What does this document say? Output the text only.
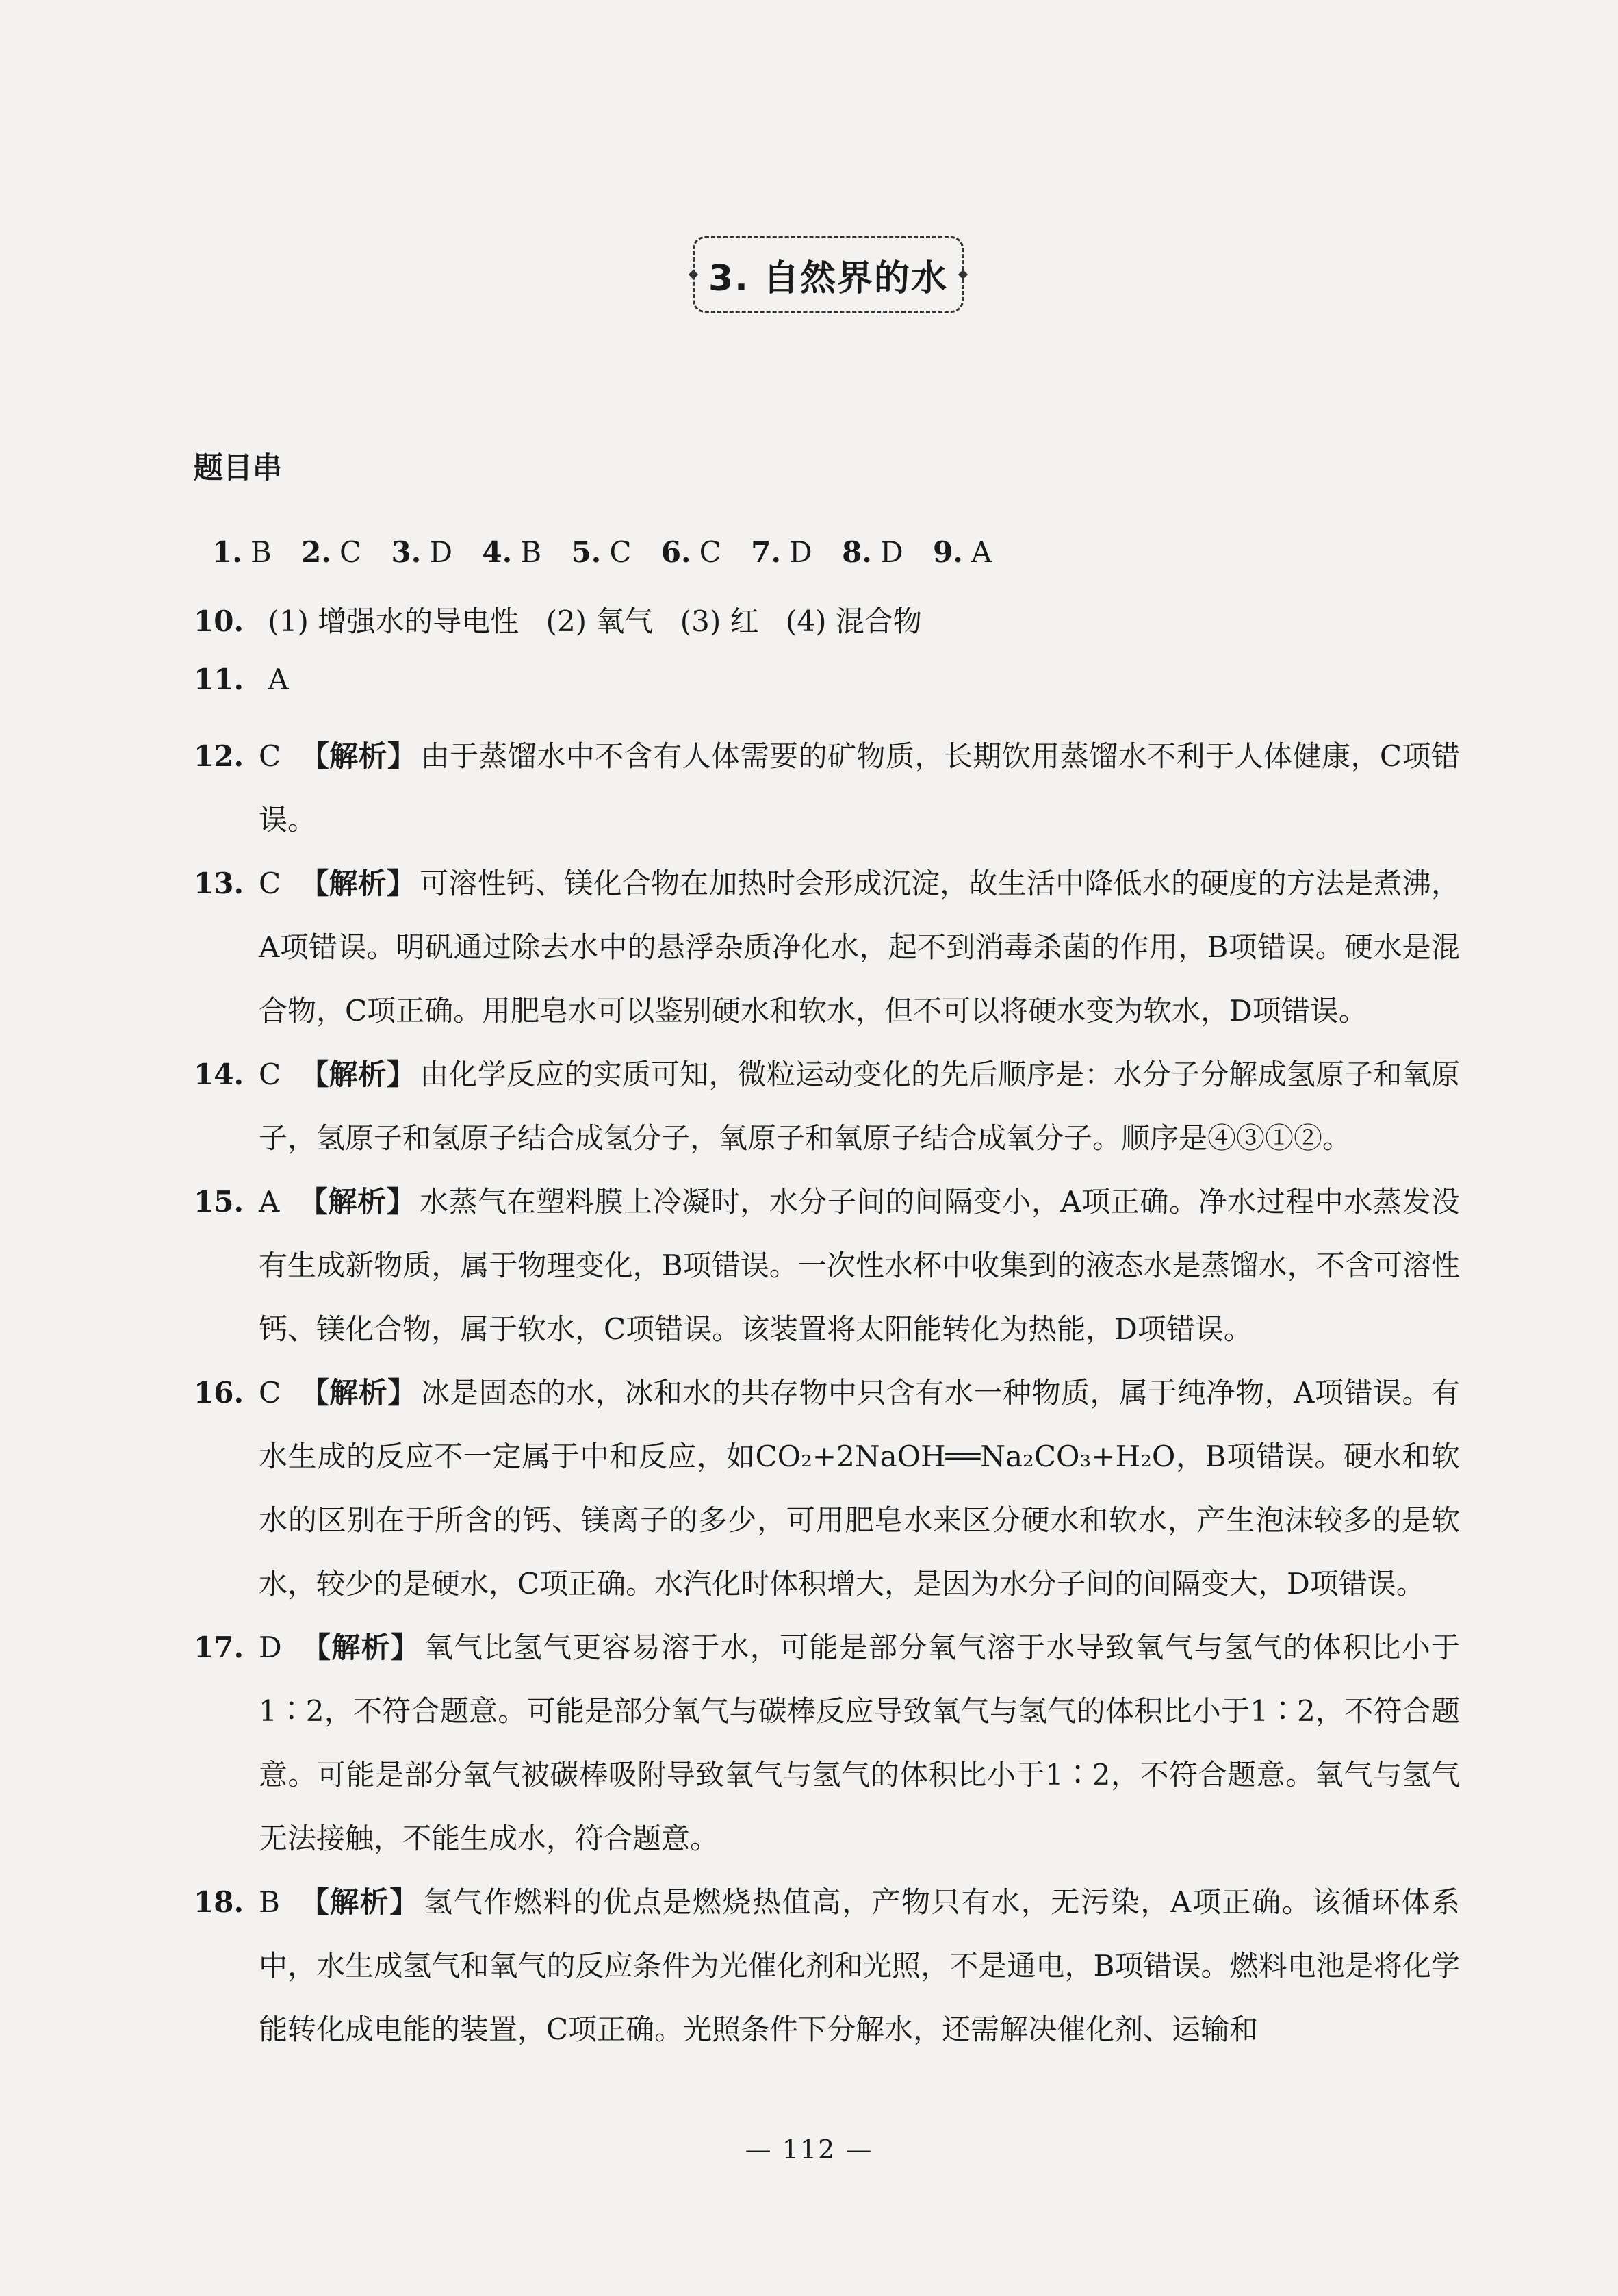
3. 自然界的水
题目串
1. B 2. C 3. D 4. B 5. C 6. C 7. D 8. D 9. A
10. (1) 增强水的导电性 (2) 氧气 (3) 红 (4) 混合物
11. A
12. C 【解析】 由于蒸馏水中不含有人体需要的矿物质，长期饮用蒸馏水不利于人体健康，C项错误。
13. C 【解析】 可溶性钙、镁化合物在加热时会形成沉淀，故生活中降低水的硬度的方法是煮沸，A项错误。明矾通过除去水中的悬浮杂质净化水，起不到消毒杀菌的作用，B项错误。硬水是混合物，C项正确。用肥皂水可以鉴别硬水和软水，但不可以将硬水变为软水，D项错误。
14. C 【解析】 由化学反应的实质可知，微粒运动变化的先后顺序是：水分子分解成氢原子和氧原子，氢原子和氢原子结合成氢分子，氧原子和氧原子结合成氧分子。顺序是④③①②。
15. A 【解析】 水蒸气在塑料膜上冷凝时，水分子间的间隔变小，A项正确。净水过程中水蒸发没有生成新物质，属于物理变化，B项错误。一次性水杯中收集到的液态水是蒸馏水，不含可溶性钙、镁化合物，属于软水，C项错误。该装置将太阳能转化为热能，D项错误。
16. C 【解析】 冰是固态的水，冰和水的共存物中只含有水一种物质，属于纯净物，A项错误。有水生成的反应不一定属于中和反应，如CO₂+2NaOH══Na₂CO₃+H₂O，B项错误。硬水和软水的区别在于所含的钙、镁离子的多少，可用肥皂水来区分硬水和软水，产生泡沫较多的是软水，较少的是硬水，C项正确。水汽化时体积增大，是因为水分子间的间隔变大，D项错误。
17. D 【解析】 氧气比氢气更容易溶于水，可能是部分氧气溶于水导致氧气与氢气的体积比小于1∶2，不符合题意。可能是部分氧气与碳棒反应导致氧气与氢气的体积比小于1∶2，不符合题意。可能是部分氧气被碳棒吸附导致氧气与氢气的体积比小于1∶2，不符合题意。氧气与氢气无法接触，不能生成水，符合题意。
18. B 【解析】 氢气作燃料的优点是燃烧热值高，产物只有水，无污染，A项正确。该循环体系中，水生成氢气和氧气的反应条件为光催化剂和光照，不是通电，B项错误。燃料电池是将化学能转化成电能的装置，C项正确。光照条件下分解水，还需解决催化剂、运输和
— 112 —
